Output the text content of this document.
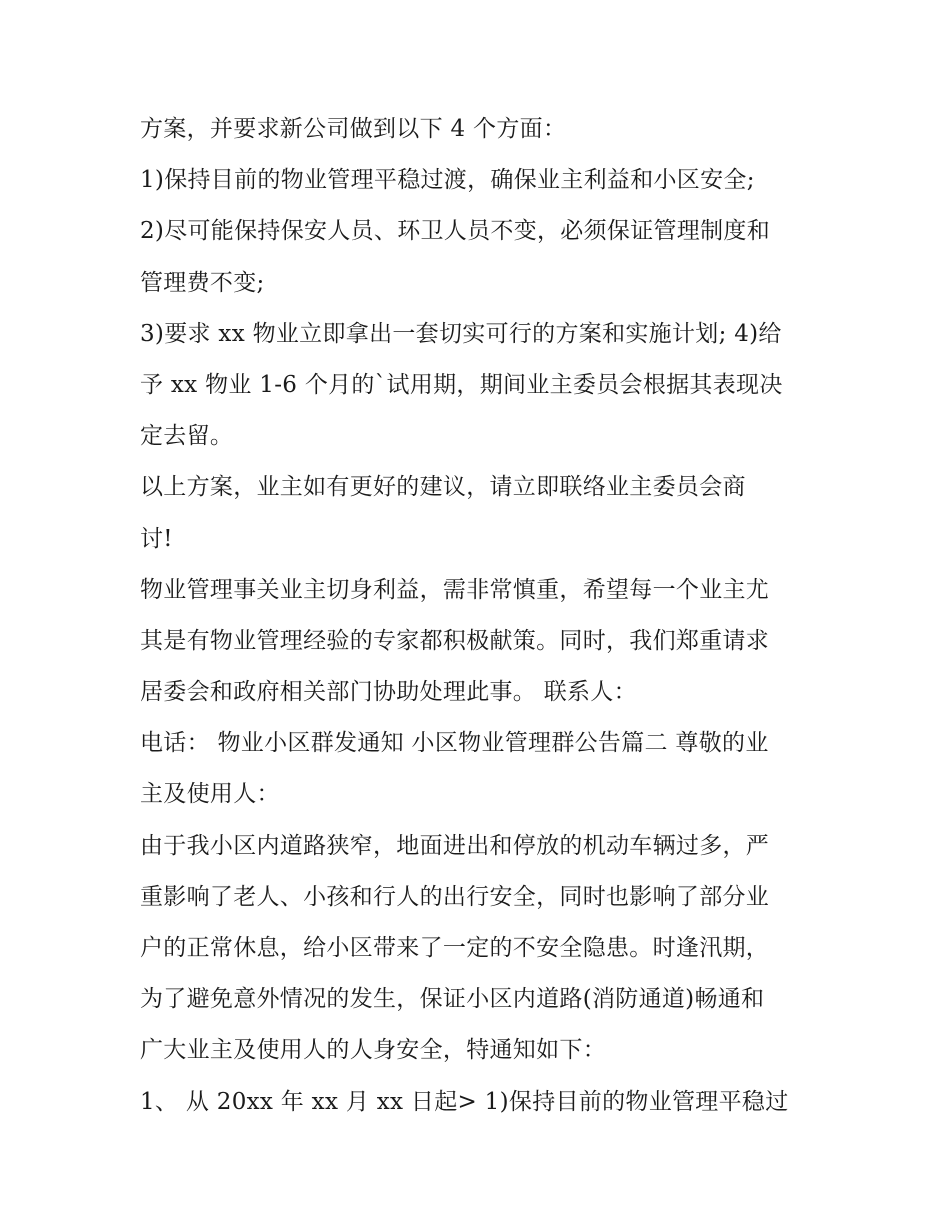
方案，并要求新公司做到以下 4 个方面：
1)保持目前的物业管理平稳过渡，确保业主利益和小区安全;
2)尽可能保持保安人员、环卫人员不变，必须保证管理制度和
管理费不变;
3)要求 xx 物业立即拿出一套切实可行的方案和实施计划; 4)给
予 xx 物业 1-6 个月的`试用期，期间业主委员会根据其表现决
定去留。
以上方案，业主如有更好的建议，请立即联络业主委员会商
讨!
物业管理事关业主切身利益，需非常慎重，希望每一个业主尤
其是有物业管理经验的专家都积极献策。同时，我们郑重请求
居委会和政府相关部门协助处理此事。 联系人：
电话： 物业小区群发通知 小区物业管理群公告篇二 尊敬的业
主及使用人：
由于我小区内道路狭窄，地面进出和停放的机动车辆过多，严
重影响了老人、小孩和行人的出行安全，同时也影响了部分业
户的正常休息，给小区带来了一定的不安全隐患。时逢汛期，
为了避免意外情况的发生，保证小区内道路(消防通道)畅通和
广大业主及使用人的人身安全，特通知如下：
1、 从 20xx 年 xx 月 xx 日起> 1)保持目前的物业管理平稳过
